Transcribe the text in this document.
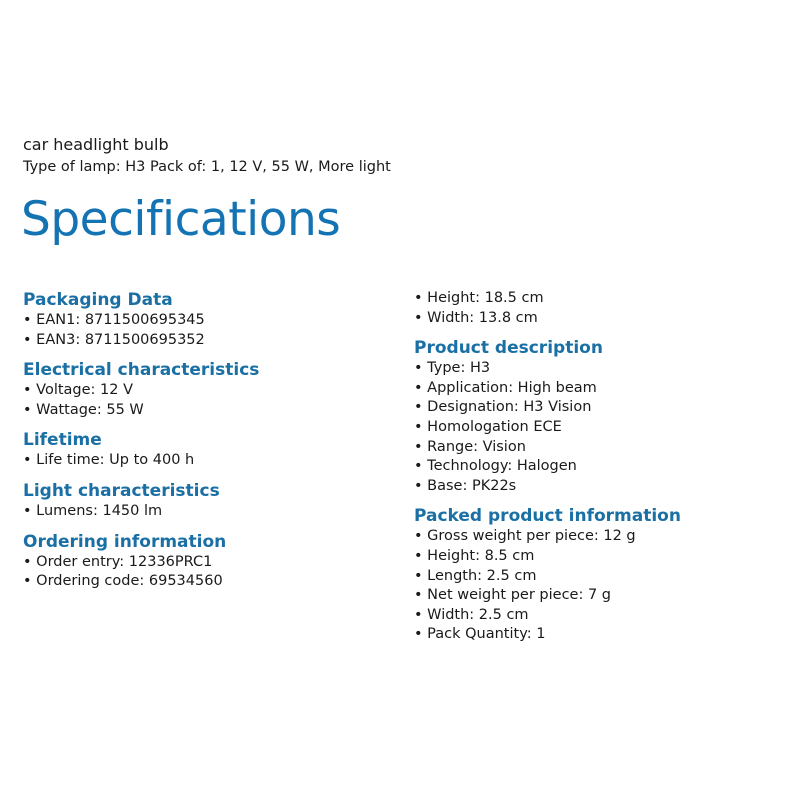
car headlight bulb
Type of lamp: H3 Pack of: 1, 12 V, 55 W, More light
Specifications
Packaging Data
• EAN1: 8711500695345
• EAN3: 8711500695352
Electrical characteristics
• Voltage: 12 V
• Wattage: 55 W
Lifetime
• Life time: Up to 400 h
Light characteristics
• Lumens: 1450 lm
Ordering information
• Order entry: 12336PRC1
• Ordering code: 69534560
• Height: 18.5 cm
• Width: 13.8 cm
Product description
• Type: H3
• Application: High beam
• Designation: H3 Vision
• Homologation ECE
• Range: Vision
• Technology: Halogen
• Base: PK22s
Packed product information
• Gross weight per piece: 12 g
• Height: 8.5 cm
• Length: 2.5 cm
• Net weight per piece: 7 g
• Width: 2.5 cm
• Pack Quantity: 1
